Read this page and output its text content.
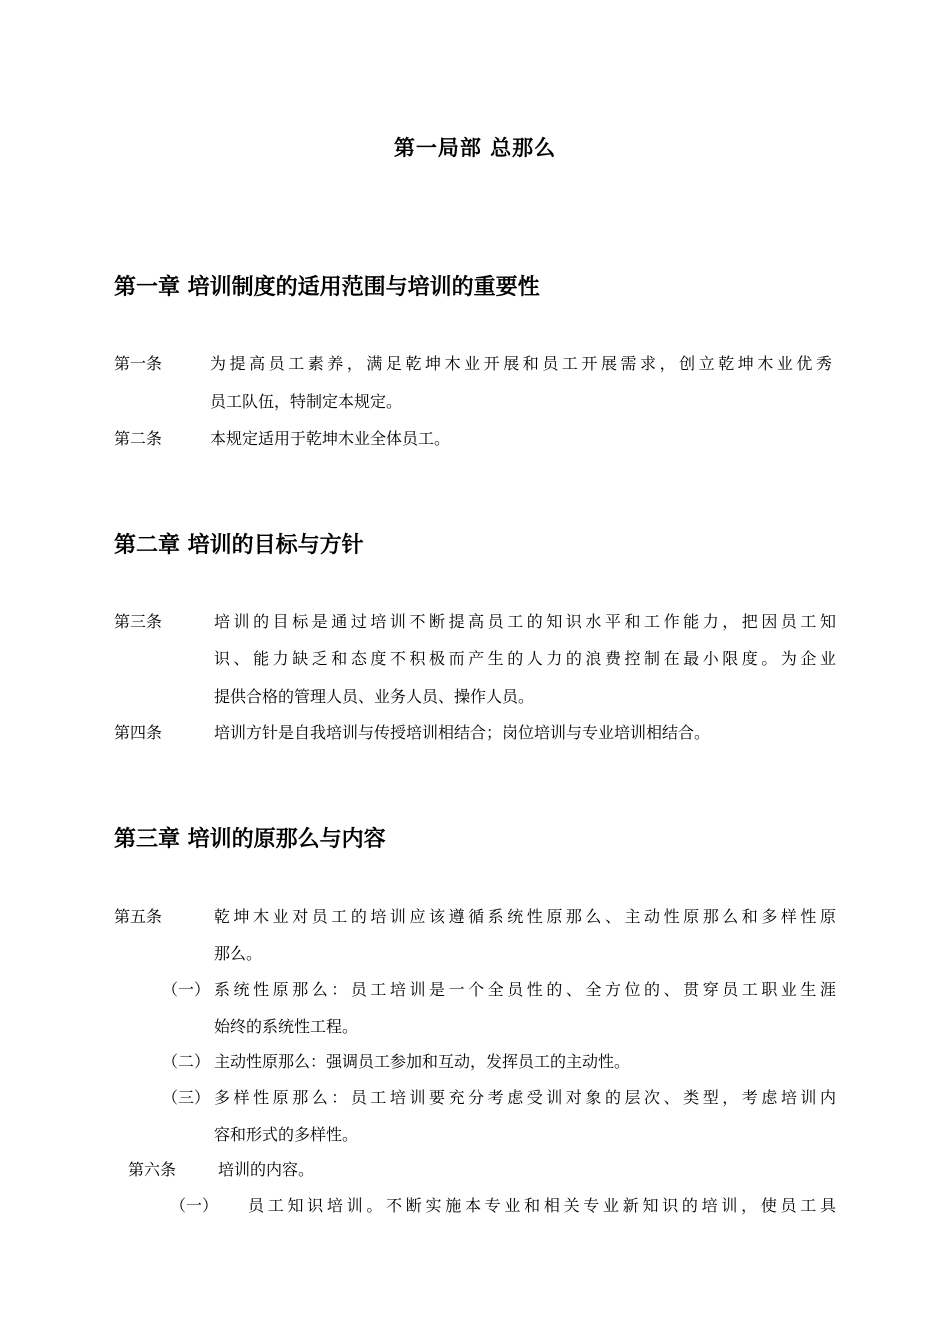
第一局部 总那么
第一章 培训制度的适用范围与培训的重要性
第一条	为提高员工素养，满足乾坤木业开展和员工开展需求，创立乾坤木业优秀
员工队伍，特制定本规定。
第二条	本规定适用于乾坤木业全体员工。
第二章 培训的目标与方针
第三条	培训的目标是通过培训不断提高员工的知识水平和工作能力，把因员工知
识、能力缺乏和态度不积极而产生的人力的浪费控制在最小限度。为企业
提供合格的管理人员、业务人员、操作人员。
第四条	培训方针是自我培训与传授培训相结合；岗位培训与专业培训相结合。
第三章 培训的原那么与内容
第五条	乾坤木业对员工的培训应该遵循系统性原那么、主动性原那么和多样性原
那么。
（一） 系统性原那么：员工培训是一个全员性的、全方位的、贯穿员工职业生涯
始终的系统性工程。
（二） 主动性原那么：强调员工参加和互动，发挥员工的主动性。
（三） 多样性原那么：员工培训要充分考虑受训对象的层次、类型，考虑培训内
容和形式的多样性。
第六条	培训的内容。
（一） 员工知识培训。不断实施本专业和相关专业新知识的培训，使员工具
